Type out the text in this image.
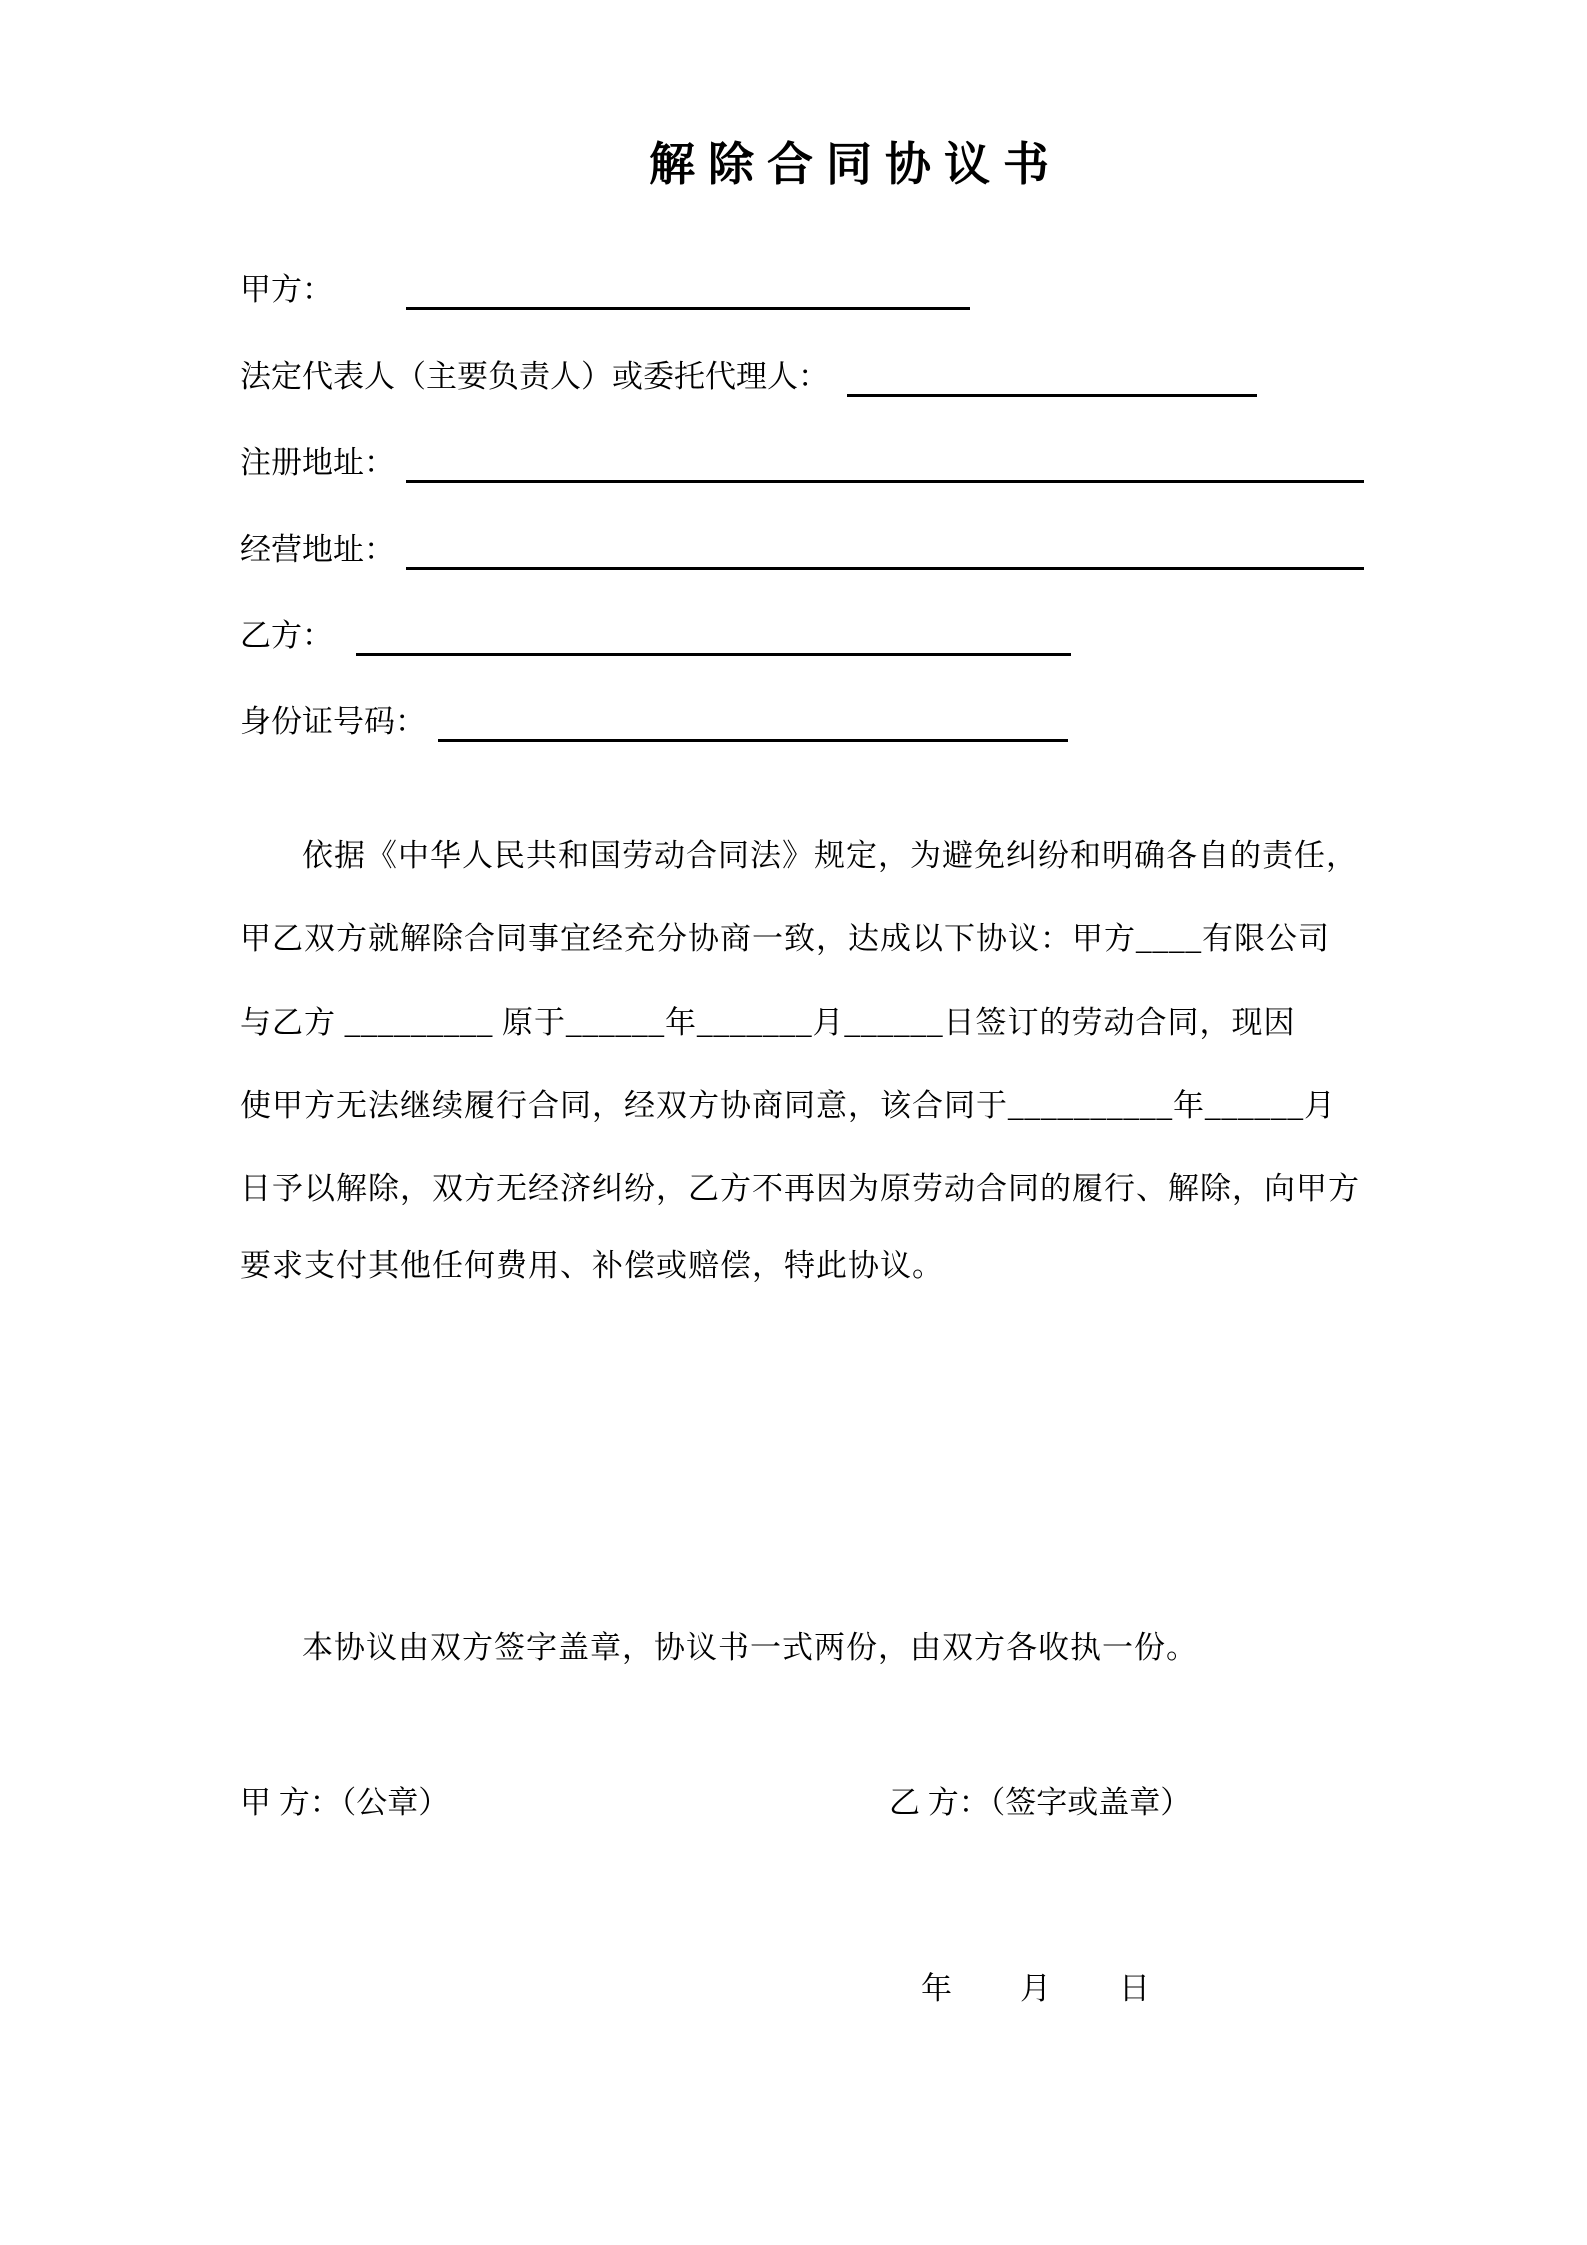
解除合同协议书
甲方：
法定代表人（主要负责人）或委托代理人：
注册地址：
经营地址：
乙方：
身份证号码：
依据《中华人民共和国劳动合同法》规定，为避免纠纷和明确各自的责任，
甲乙双方就解除合同事宜经充分协商一致，达成以下协议：甲方____有限公司
与乙方 _________ 原于______年_______月______日签订的劳动合同，现因
使甲方无法继续履行合同，经双方协商同意，该合同于__________年______月
日予以解除，双方无经济纠纷，乙方不再因为原劳动合同的履行、解除，向甲方
要求支付其他任何费用、补偿或赔偿，特此协议。
本协议由双方签字盖章，协议书一式两份，由双方各收执一份。
甲 方：（公章）	乙 方：（签字或盖章）
年 月 日
